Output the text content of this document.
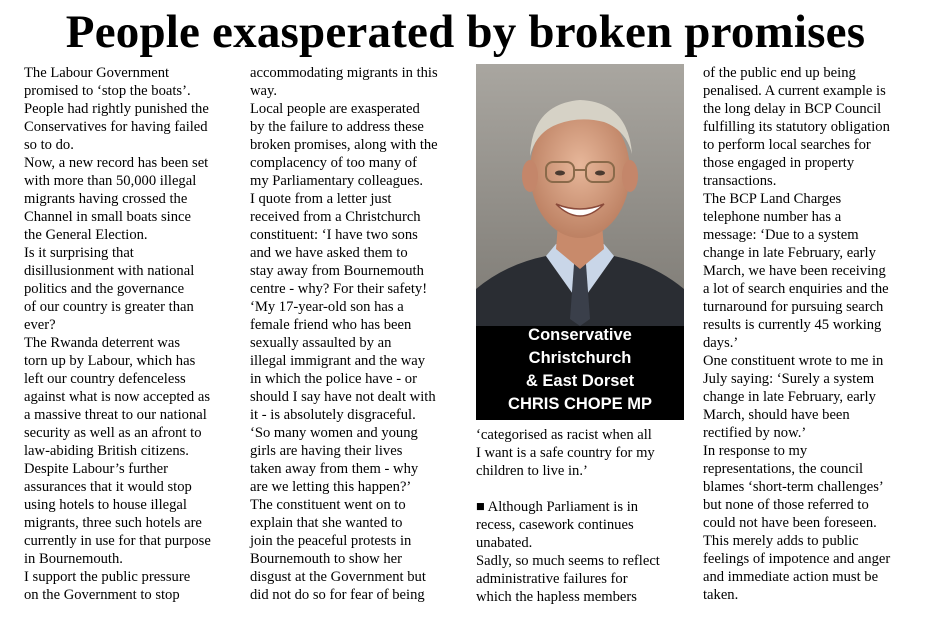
People exasperated by broken promises

The Labour Government

promised to ‘stop the boats’.

People had rightly punished the

Conservatives for having failed

so to do.

Now, a new record has been set

with more than 50,000 illegal

migrants having crossed the

Channel in small boats since

the General Election.

Is it surprising that

disillusionment with national

politics and the governance

of our country is greater than

ever?

The Rwanda deterrent was

torn up by Labour, which has

left our country defenceless

against what is now accepted as

a massive threat to our national

security as well as an afront to

law-abiding British citizens.

Despite Labour’s further

assurances that it would stop

using hotels to house illegal

migrants, three such hotels are

currently in use for that purpose

in Bournemouth.

I support the public pressure

on the Government to stop

accommodating migrants in this

way.

Local people are exasperated

by the failure to address these

broken promises, along with the

complacency of too many of

my Parliamentary colleagues.

I quote from a letter just

received from a Christchurch

constituent: ‘I have two sons

and we have asked them to

stay away from Bournemouth

centre - why? For their safety!

‘My 17-year-old son has a

female friend who has been

sexually assaulted by an

illegal immigrant and the way

in which the police have - or

should I say have not dealt with

it - is absolutely disgraceful.

‘So many women and young

girls are having their lives

taken away from them - why

are we letting this happen?’

The constituent went on to

explain that she wanted to

join the peaceful protests in

Bournemouth to show her

disgust at the Government but

did not do so for fear of being

Conservative
Christchurch
& East Dorset
CHRIS CHOPE MP

‘categorised as racist when all

I want is a safe country for my

children to live in.’

■ Although Parliament is in

recess, casework continues

unabated.

Sadly, so much seems to reflect

administrative failures for

which the hapless members

of the public end up being

penalised. A current example is

the long delay in BCP Council

fulfilling its statutory obligation

to perform local searches for

those engaged in property

transactions.

The BCP Land Charges

telephone number has a

message: ‘Due to a system

change in late February, early

March, we have been receiving

a lot of search enquiries and the

turnaround for pursuing search

results is currently 45 working

days.’

One constituent wrote to me in

July saying: ‘Surely a system

change in late February, early

March, should have been

rectified by now.’

In response to my

representations, the council

blames ‘short-term challenges’

but none of those referred to

could not have been foreseen.

This merely adds to public

feelings of impotence and anger

and immediate action must be

taken.
